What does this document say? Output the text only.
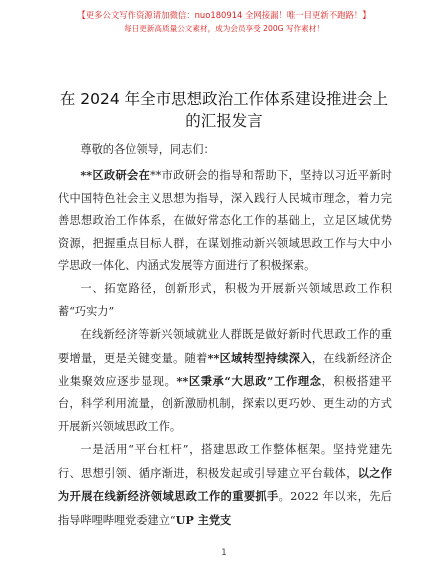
【更多公文写作资源请加微信：nuo180914 全网接漏！唯一目更新不跑路！】
每日更新高质量公文素材，成为会员享受 200G 写作素材！
在 2024 年全市思想政治工作体系建设推进会上
的汇报发言

尊敬的各位领导，同志们：

**区政研会在**市政研会的指导和帮助下，坚持以习近平新时代中国特色社会主义思想为指导，深入践行人民城市理念，着力完善思想政治工作体系，在做好常态化工作的基础上，立足区域优势资源，把握重点目标人群，在谋划推动新兴领域思政工作与大中小学思政一体化、内涵式发展等方面进行了积极探索。

一、拓宽路径，创新形式，积极为开展新兴领域思政工作积蓄“巧实力”

在线新经济等新兴领域就业人群既是做好新时代思政工作的重要增量，更是关键变量。随着**区域转型持续深入，在线新经济企业集聚效应逐步显现。**区秉承“大思政”工作理念，积极搭建平台，科学利用流量，创新激励机制，探索以更巧妙、更生动的方式开展新兴领域思政工作。

一是活用“平台杠杆”，搭建思政工作整体框架。坚持党建先行、思想引领、循序渐进，积极发起或引导建立平台载体，以之作为开展在线新经济领域思政工作的重要抓手。2022 年以来，先后指导哔哩哔哩党委建立“UP 主党支

1
